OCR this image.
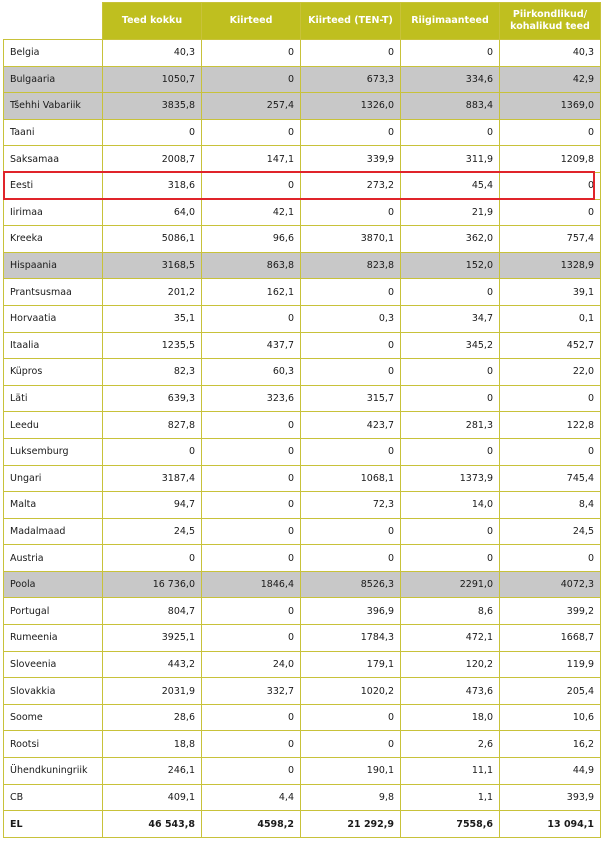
	Teed kokku	Kiirteed	Kiirteed (TEN-T)	Riigimaanteed	Piirkondlikud/
kohalikud teed
Belgia	40,3	0	0	0	40,3
Bulgaaria	1050,7	0	673,3	334,6	42,9
Tšehhi Vabariik	3835,8	257,4	1326,0	883,4	1369,0
Taani	0	0	0	0	0
Saksamaa	2008,7	147,1	339,9	311,9	1209,8
Eesti	318,6	0	273,2	45,4	0
Iirimaa	64,0	42,1	0	21,9	0
Kreeka	5086,1	96,6	3870,1	362,0	757,4
Hispaania	3168,5	863,8	823,8	152,0	1328,9
Prantsusmaa	201,2	162,1	0	0	39,1
Horvaatia	35,1	0	0,3	34,7	0,1
Itaalia	1235,5	437,7	0	345,2	452,7
Küpros	82,3	60,3	0	0	22,0
Läti	639,3	323,6	315,7	0	0
Leedu	827,8	0	423,7	281,3	122,8
Luksemburg	0	0	0	0	0
Ungari	3187,4	0	1068,1	1373,9	745,4
Malta	94,7	0	72,3	14,0	8,4
Madalmaad	24,5	0	0	0	24,5
Austria	0	0	0	0	0
Poola	16 736,0	1846,4	8526,3	2291,0	4072,3
Portugal	804,7	0	396,9	8,6	399,2
Rumeenia	3925,1	0	1784,3	472,1	1668,7
Sloveenia	443,2	24,0	179,1	120,2	119,9
Slovakkia	2031,9	332,7	1020,2	473,6	205,4
Soome	28,6	0	0	18,0	10,6
Rootsi	18,8	0	0	2,6	16,2
Ühendkuningriik	246,1	0	190,1	11,1	44,9
CB	409,1	4,4	9,8	1,1	393,9
EL	46 543,8	4598,2	21 292,9	7558,6	13 094,1
